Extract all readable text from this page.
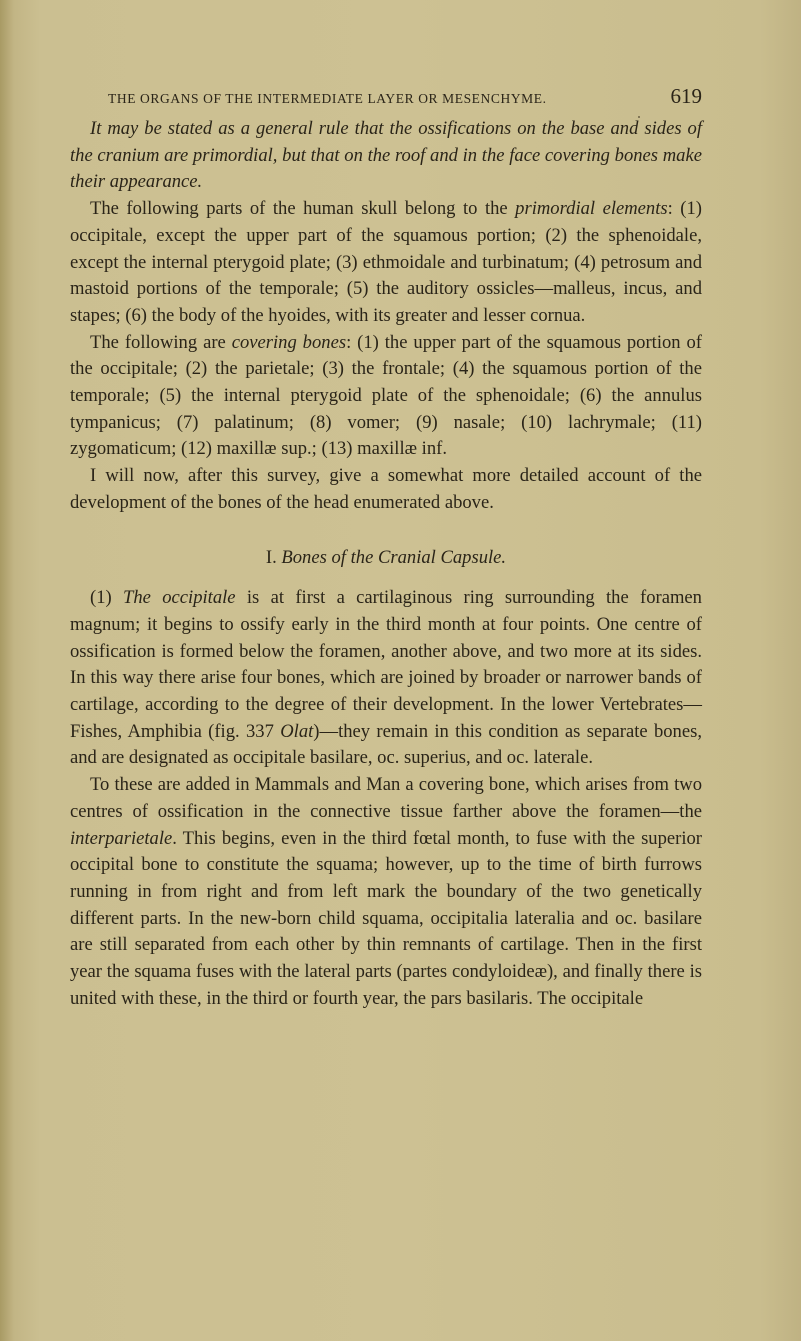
THE ORGANS OF THE INTERMEDIATE LAYER OR MESENCHYME.	619

It may be stated as a general rule that the ossifications on the base and sides of the cranium are primordial, but that on the roof and in the face covering bones make their appearance.

The following parts of the human skull belong to the primordial elements: (1) occipitale, except the upper part of the squamous portion; (2) the sphenoidale, except the internal pterygoid plate; (3) ethmoidale and turbinatum; (4) petrosum and mastoid portions of the temporale; (5) the auditory ossicles—malleus, incus, and stapes; (6) the body of the hyoides, with its greater and lesser cornua.

The following are covering bones: (1) the upper part of the squamous portion of the occipitale; (2) the parietale; (3) the frontale; (4) the squamous portion of the temporale; (5) the internal pterygoid plate of the sphenoidale; (6) the annulus tympanicus; (7) palatinum; (8) vomer; (9) nasale; (10) lachrymale; (11) zygomaticum; (12) maxillæ sup.; (13) maxillæ inf.

I will now, after this survey, give a somewhat more detailed account of the development of the bones of the head enumerated above.

I. Bones of the Cranial Capsule.

(1) The occipitale is at first a cartilaginous ring surrounding the foramen magnum; it begins to ossify early in the third month at four points. One centre of ossification is formed below the foramen, another above, and two more at its sides. In this way there arise four bones, which are joined by broader or narrower bands of cartilage, according to the degree of their development. In the lower Vertebrates—Fishes, Amphibia (fig. 337 Olat)—they remain in this condition as separate bones, and are designated as occipitale basilare, oc. superius, and oc. laterale.

To these are added in Mammals and Man a covering bone, which arises from two centres of ossification in the connective tissue farther above the foramen—the interparietale. This begins, even in the third fœtal month, to fuse with the superior occipital bone to constitute the squama; however, up to the time of birth furrows running in from right and from left mark the boundary of the two genetically different parts. In the new-born child squama, occipitalia lateralia and oc. basilare are still separated from each other by thin remnants of cartilage. Then in the first year the squama fuses with the lateral parts (partes condyloideæ), and finally there is united with these, in the third or fourth year, the pars basilaris. The occipitale
